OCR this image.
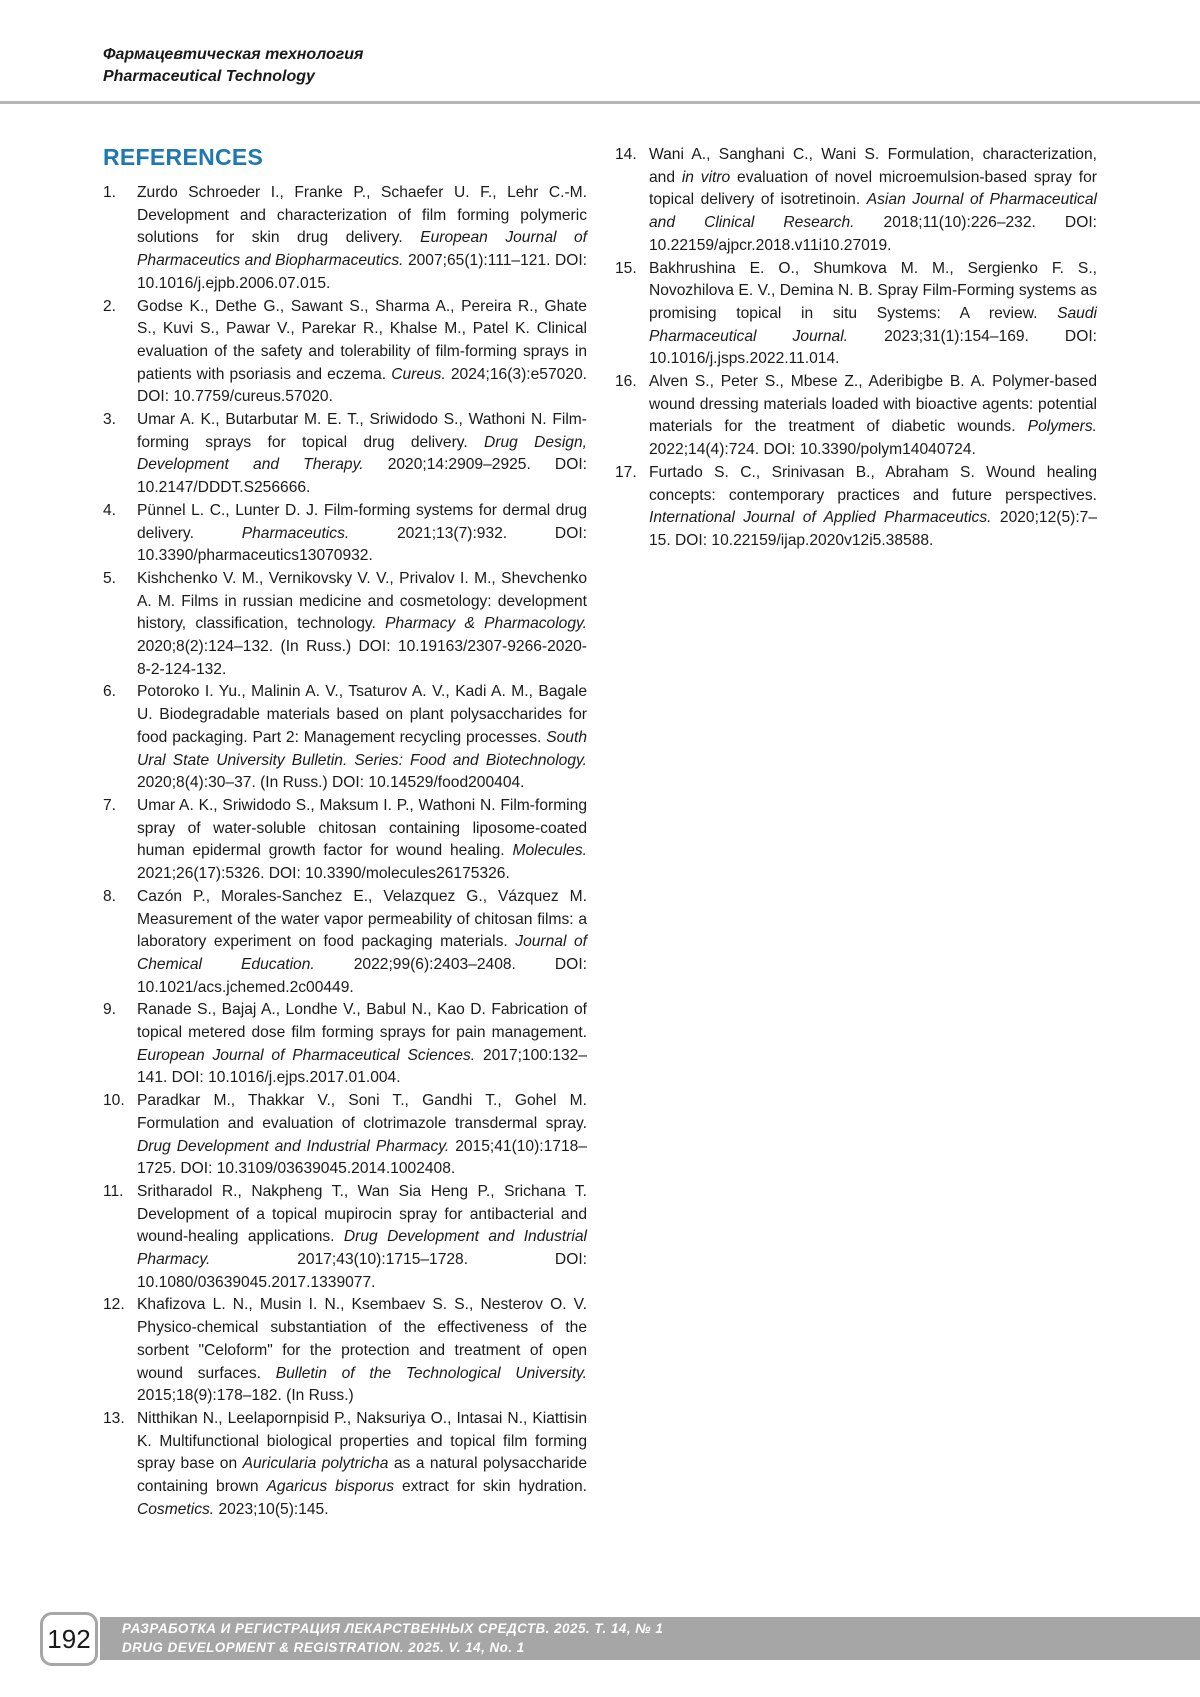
Фармацевтическая технология
Pharmaceutical Technology
REFERENCES
1.	Zurdo Schroeder I., Franke P., Schaefer U. F., Lehr C.-M. Development and characterization of film forming polymeric solutions for skin drug delivery. European Journal of Pharmaceutics and Biopharmaceutics. 2007;65(1):111–121. DOI: 10.1016/j.ejpb.2006.07.015.
2.	Godse K., Dethe G., Sawant S., Sharma A., Pereira R., Ghate S., Kuvi S., Pawar V., Parekar R., Khalse M., Patel K. Clinical evaluation of the safety and tolerability of film-forming sprays in patients with psoriasis and eczema. Cureus. 2024;16(3):e57020. DOI: 10.7759/cureus.57020.
3.	Umar A. K., Butarbutar M. E. T., Sriwidodo S., Wathoni N. Film-forming sprays for topical drug delivery. Drug Design, Development and Therapy. 2020;14:2909–2925. DOI: 10.2147/DDDT.S256666.
4.	Pünnel L. C., Lunter D. J. Film-forming systems for dermal drug delivery. Pharmaceutics. 2021;13(7):932. DOI: 10.3390/pharmaceutics13070932.
5.	Kishchenko V. M., Vernikovsky V. V., Privalov I. M., Shevchenko A. M. Films in russian medicine and cosmetology: development history, classification, technology. Pharmacy & Pharmacology. 2020;8(2):124–132. (In Russ.) DOI: 10.19163/2307-9266-2020-8-2-124-132.
6.	Potoroko I. Yu., Malinin A. V., Tsaturov A. V., Kadi A. M., Bagale U. Biodegradable materials based on plant polysaccharides for food packaging. Part 2: Management recycling processes. South Ural State University Bulletin. Series: Food and Biotechnology. 2020;8(4):30–37. (In Russ.) DOI: 10.14529/food200404.
7.	Umar A. K., Sriwidodo S., Maksum I. P., Wathoni N. Film-forming spray of water-soluble chitosan containing liposome-coated human epidermal growth factor for wound healing. Molecules. 2021;26(17):5326. DOI: 10.3390/molecules26175326.
8.	Cazón P., Morales-Sanchez E., Velazquez G., Vázquez M. Measurement of the water vapor permeability of chitosan films: a laboratory experiment on food packaging materials. Journal of Chemical Education. 2022;99(6):2403–2408. DOI: 10.1021/acs.jchemed.2c00449.
9.	Ranade S., Bajaj A., Londhe V., Babul N., Kao D. Fabrication of topical metered dose film forming sprays for pain management. European Journal of Pharmaceutical Sciences. 2017;100:132–141. DOI: 10.1016/j.ejps.2017.01.004.
10. Paradkar M., Thakkar V., Soni T., Gandhi T., Gohel M. Formulation and evaluation of clotrimazole transdermal spray. Drug Development and Industrial Pharmacy. 2015;41(10):1718–1725. DOI: 10.3109/03639045.2014.1002408.
11. Sritharadol R., Nakpheng T., Wan Sia Heng P., Srichana T. Development of a topical mupirocin spray for antibacterial and wound-healing applications. Drug Development and Industrial Pharmacy. 2017;43(10):1715–1728. DOI: 10.1080/03639045.2017.1339077.
12. Khafizova L. N., Musin I. N., Ksembaev S. S., Nesterov O. V. Physico-chemical substantiation of the effectiveness of the sorbent "Celoform" for the protection and treatment of open wound surfaces. Bulletin of the Technological University. 2015;18(9):178–182. (In Russ.)
13. Nitthikan N., Leelapornpisid P., Naksuriya O., Intasai N., Kiattisin K. Multifunctional biological properties and topical film forming spray base on Auricularia polytricha as a natural polysaccharide containing brown Agaricus bisporus extract for skin hydration. Cosmetics. 2023;10(5):145.
14. Wani A., Sanghani C., Wani S. Formulation, characterization, and in vitro evaluation of novel microemulsion-based spray for topical delivery of isotretinoin. Asian Journal of Pharmaceutical and Clinical Research. 2018;11(10):226–232. DOI: 10.22159/ajpcr.2018.v11i10.27019.
15. Bakhrushina E. O., Shumkova M. M., Sergienko F. S., Novozhilova E. V., Demina N. B. Spray Film-Forming systems as promising topical in situ Systems: A review. Saudi Pharmaceutical Journal. 2023;31(1):154–169. DOI: 10.1016/j.jsps.2022.11.014.
16. Alven S., Peter S., Mbese Z., Aderibigbe B. A. Polymer-based wound dressing materials loaded with bioactive agents: potential materials for the treatment of diabetic wounds. Polymers. 2022;14(4):724. DOI: 10.3390/polym14040724.
17. Furtado S. C., Srinivasan B., Abraham S. Wound healing concepts: contemporary practices and future perspectives. International Journal of Applied Pharmaceutics. 2020;12(5):7–15. DOI: 10.22159/ijap.2020v12i5.38588.
192	РАЗРАБОТКА И РЕГИСТРАЦИЯ ЛЕКАРСТВЕННЫХ СРЕДСТВ. 2025. Т. 14, № 1
DRUG DEVELOPMENT & REGISTRATION. 2025. V. 14, No. 1
